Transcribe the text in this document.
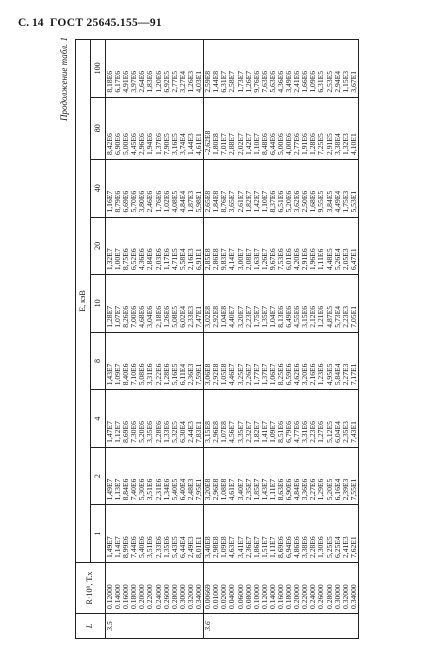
С. 14 ГОСТ 25645.155—91
Продолжение табл. 1
L	R·10⁹, Т.х	E, кэВ								
		1	2	4	8	10	20	40	80	100
3.5	0.12000	1,49E7	1,49E7	1,47E7	1,43E7	1,28E7	1,32E7	1,16E7	8,42E6	8,18E6
	0.14000	1,14E7	1,13E7	1,12E7	1,09E7	1,07E7	1,00E7	8,79E6	6,90E6	6,17E6
	0.16000	8,99E6	8,84E6	8,69E6	8,40E6	8,26E6	8,75E6	6,69E6	5,00E6	4,91E6
	0.18000	7,44E6	7,40E6	7,30E6	7,10E6	7,00E6	6,52E6	5,70E6	4,45E6	3,97E6
	0.20000	5,40E6	5,30E6	5,20E6	5,08E6	4,68E6	4,36E6	3,80E6	2,96E6	2,64E6
	0.22000	3,51E6	3,51E6	3,35E6	3,31E6	3,04E6	2,84E6	2,46E6	1,94E6	1,83E6
	0.24000	2,33E6	2,31E6	2,28E6	2,22E6	2,18E6	2,03E6	1,76E6	1,37E6	1,20E6
	0.26000	1,35E6	1,34E6	1,33E6	1,28E6	1,26E6	1,17E6	1,02E6	7,90E5	6,92E5
	0.28000	5,43E5	5,40E5	5,32E5	5,16E5	5,08E5	4,71E5	4,08E5	3,16E5	2,77E5
	0.30000	6,44E4	6,40E4	6,30E4	6,11E4	6,02E4	5,58E4	4,84E4	3,74E4	3,27E4
	0.32000	2,49E3	2,48E3	2,44E3	2,36E3	2,33E3	2,16E3	1,87E3	1,44E3	1,26E3
	0.34000	8,01E1	7,95E1	7,83E1	7,59E1	7,47E1	6,91E1	5,98E1	4,61E1	4,03E1
3.6	0.00669	3,40E8	3,20E8	3,15E8	3,06E8	3,02E8	2,85E8	2,65E8	-2,62E8	2,59E8
	0.01000	2,98E8	2,96E8	2,96E8	2,92E8	2,92E8	2,86E8	1,84E8	1,80E8	1,44E8
	0.02000	1,09E8	1,08E8	1,07E8	1,05E8	1,04E8	9,83E7	8,76E7	7,01E7	6,31E7
	0.04000	4,63E7	4,61E7	4,56E7	4,46E7	4,40E7	4,14E7	3,65E7	2,88E7	2,58E7
	0.06000	3,41E7	3,40E7	3,35E7	3,25E7	3,20E7	3,00E7	2,61E7	2,02E7	1,73E7
	0.08000	2,36E7	2,35E7	2,32E7	2,26E7	2,23E7	2,08E7	1,82E7	1,42E7	1,26E7
	0.10000	1,86E7	1,85E7	1,82E7	1,77E7	1,75E7	1,63E7	1,42E7	1,10E7	9,76E6
	0.12000	1,51E7	1,43E7	1,41E7	1,37E7	1,35E7	1,26E7	1,10E7	8,48E6	7,63E6
	0.14000	1,11E7	1,11E7	1,09E7	1,06E7	1,04E7	9,67E6	8,37E6	6,44E6	5,63E6
	0.16000	8,69E6	8,63E6	8,51E6	8,25E6	8,13E6	7,53E6	6,51E6	5,00E6	4,36E6
	0.18000	6,94E6	6,90E6	6,79E6	6,59E6	6,49E6	6,01E6	5,20E6	4,00E6	3,49E6
	0.20000	4,86E6	4,84E6	4,77E6	4,62E6	4,55E6	4,20E6	3,62E6	2,77E6	2,41E6
	0.22000	3,38E6	3,36E6	3,31E6	3,20E6	3,15E6	2,91E6	2,50E6	1,91E6	1,66E6
	0.24000	2,28E6	2,27E6	2,23E6	2,16E6	2,12E6	1,96E6	1,68E6	1,28E6	1,09E6
	0.26000	1,30E6	1,29E6	1,27E6	1,23E6	1,21E6	1,11E6	9,55E5	7,25E5	6,31E5
	0.28000	5,25E5	5,20E5	5,12E5	4,95E5	4,87E5	4,48E5	3,84E5	2,91E5	2,53E5
	0.30000	6,25E4	6,16E4	6,04E4	5,84E4	5,73E4	5,26E4	4,49E4	3,38E4	2,94E4
	0.32000	2,41E3	2,39E3	2,35E3	2,27E3	2,23E3	2,05E3	1,75E3	1,32E3	1,15E3
	0.34000	7,62E1	7,55E1	7,43E1	7,17E1	7,05E1	6,47E1	5,53E1	4,10E1	3,67E1
